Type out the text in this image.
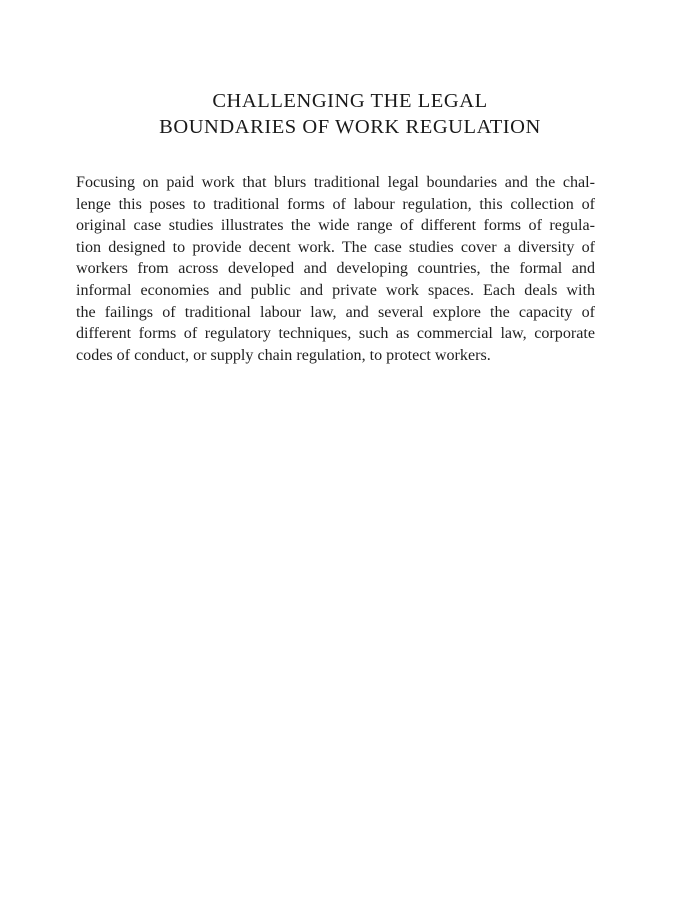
CHALLENGING THE LEGAL
BOUNDARIES OF WORK REGULATION

Focusing on paid work that blurs traditional legal boundaries and the chal-
lenge this poses to traditional forms of labour regulation, this collection of
original case studies illustrates the wide range of different forms of regula-
tion designed to provide decent work. The case studies cover a diversity of
workers from across developed and developing countries, the formal and
informal economies and public and private work spaces. Each deals with
the failings of traditional labour law, and several explore the capacity of
different forms of regulatory techniques, such as commercial law, corporate
codes of conduct, or supply chain regulation, to protect workers.
